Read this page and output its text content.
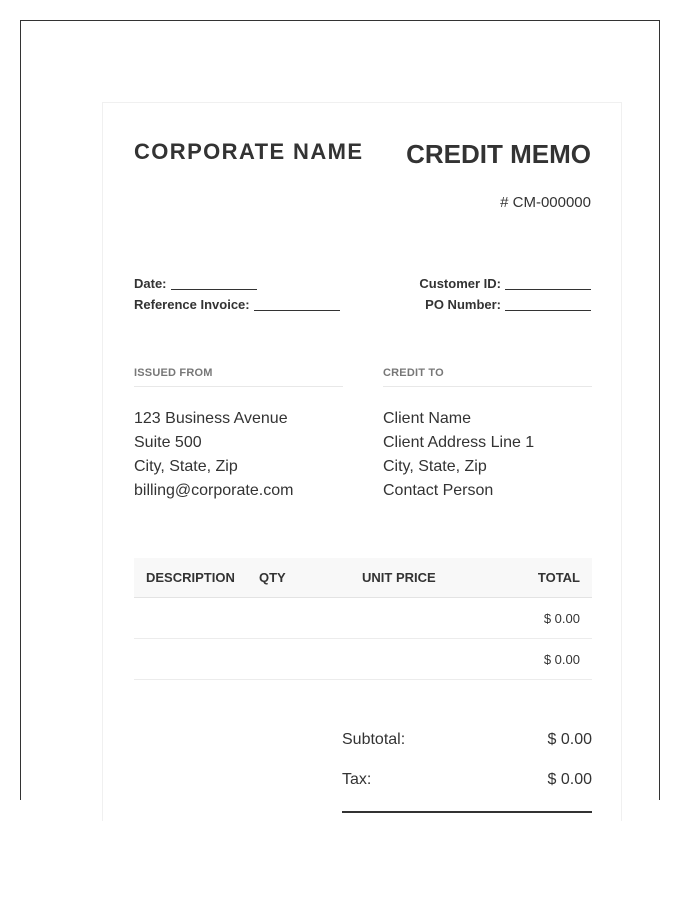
CORPORATE NAME CREDIT MEMO
# CM-000000
Date:
Reference Invoice:
Customer ID:
PO Number:
ISSUED FROM
123 Business Avenue
Suite 500
City, State, Zip
billing@corporate.com
CREDIT TO
Client Name
Client Address Line 1
City, State, Zip
Contact Person
DESCRIPTION	QTY	UNIT PRICE	TOTAL
			$ 0.00
			$ 0.00
Subtotal:	$ 0.00
Tax:	$ 0.00
